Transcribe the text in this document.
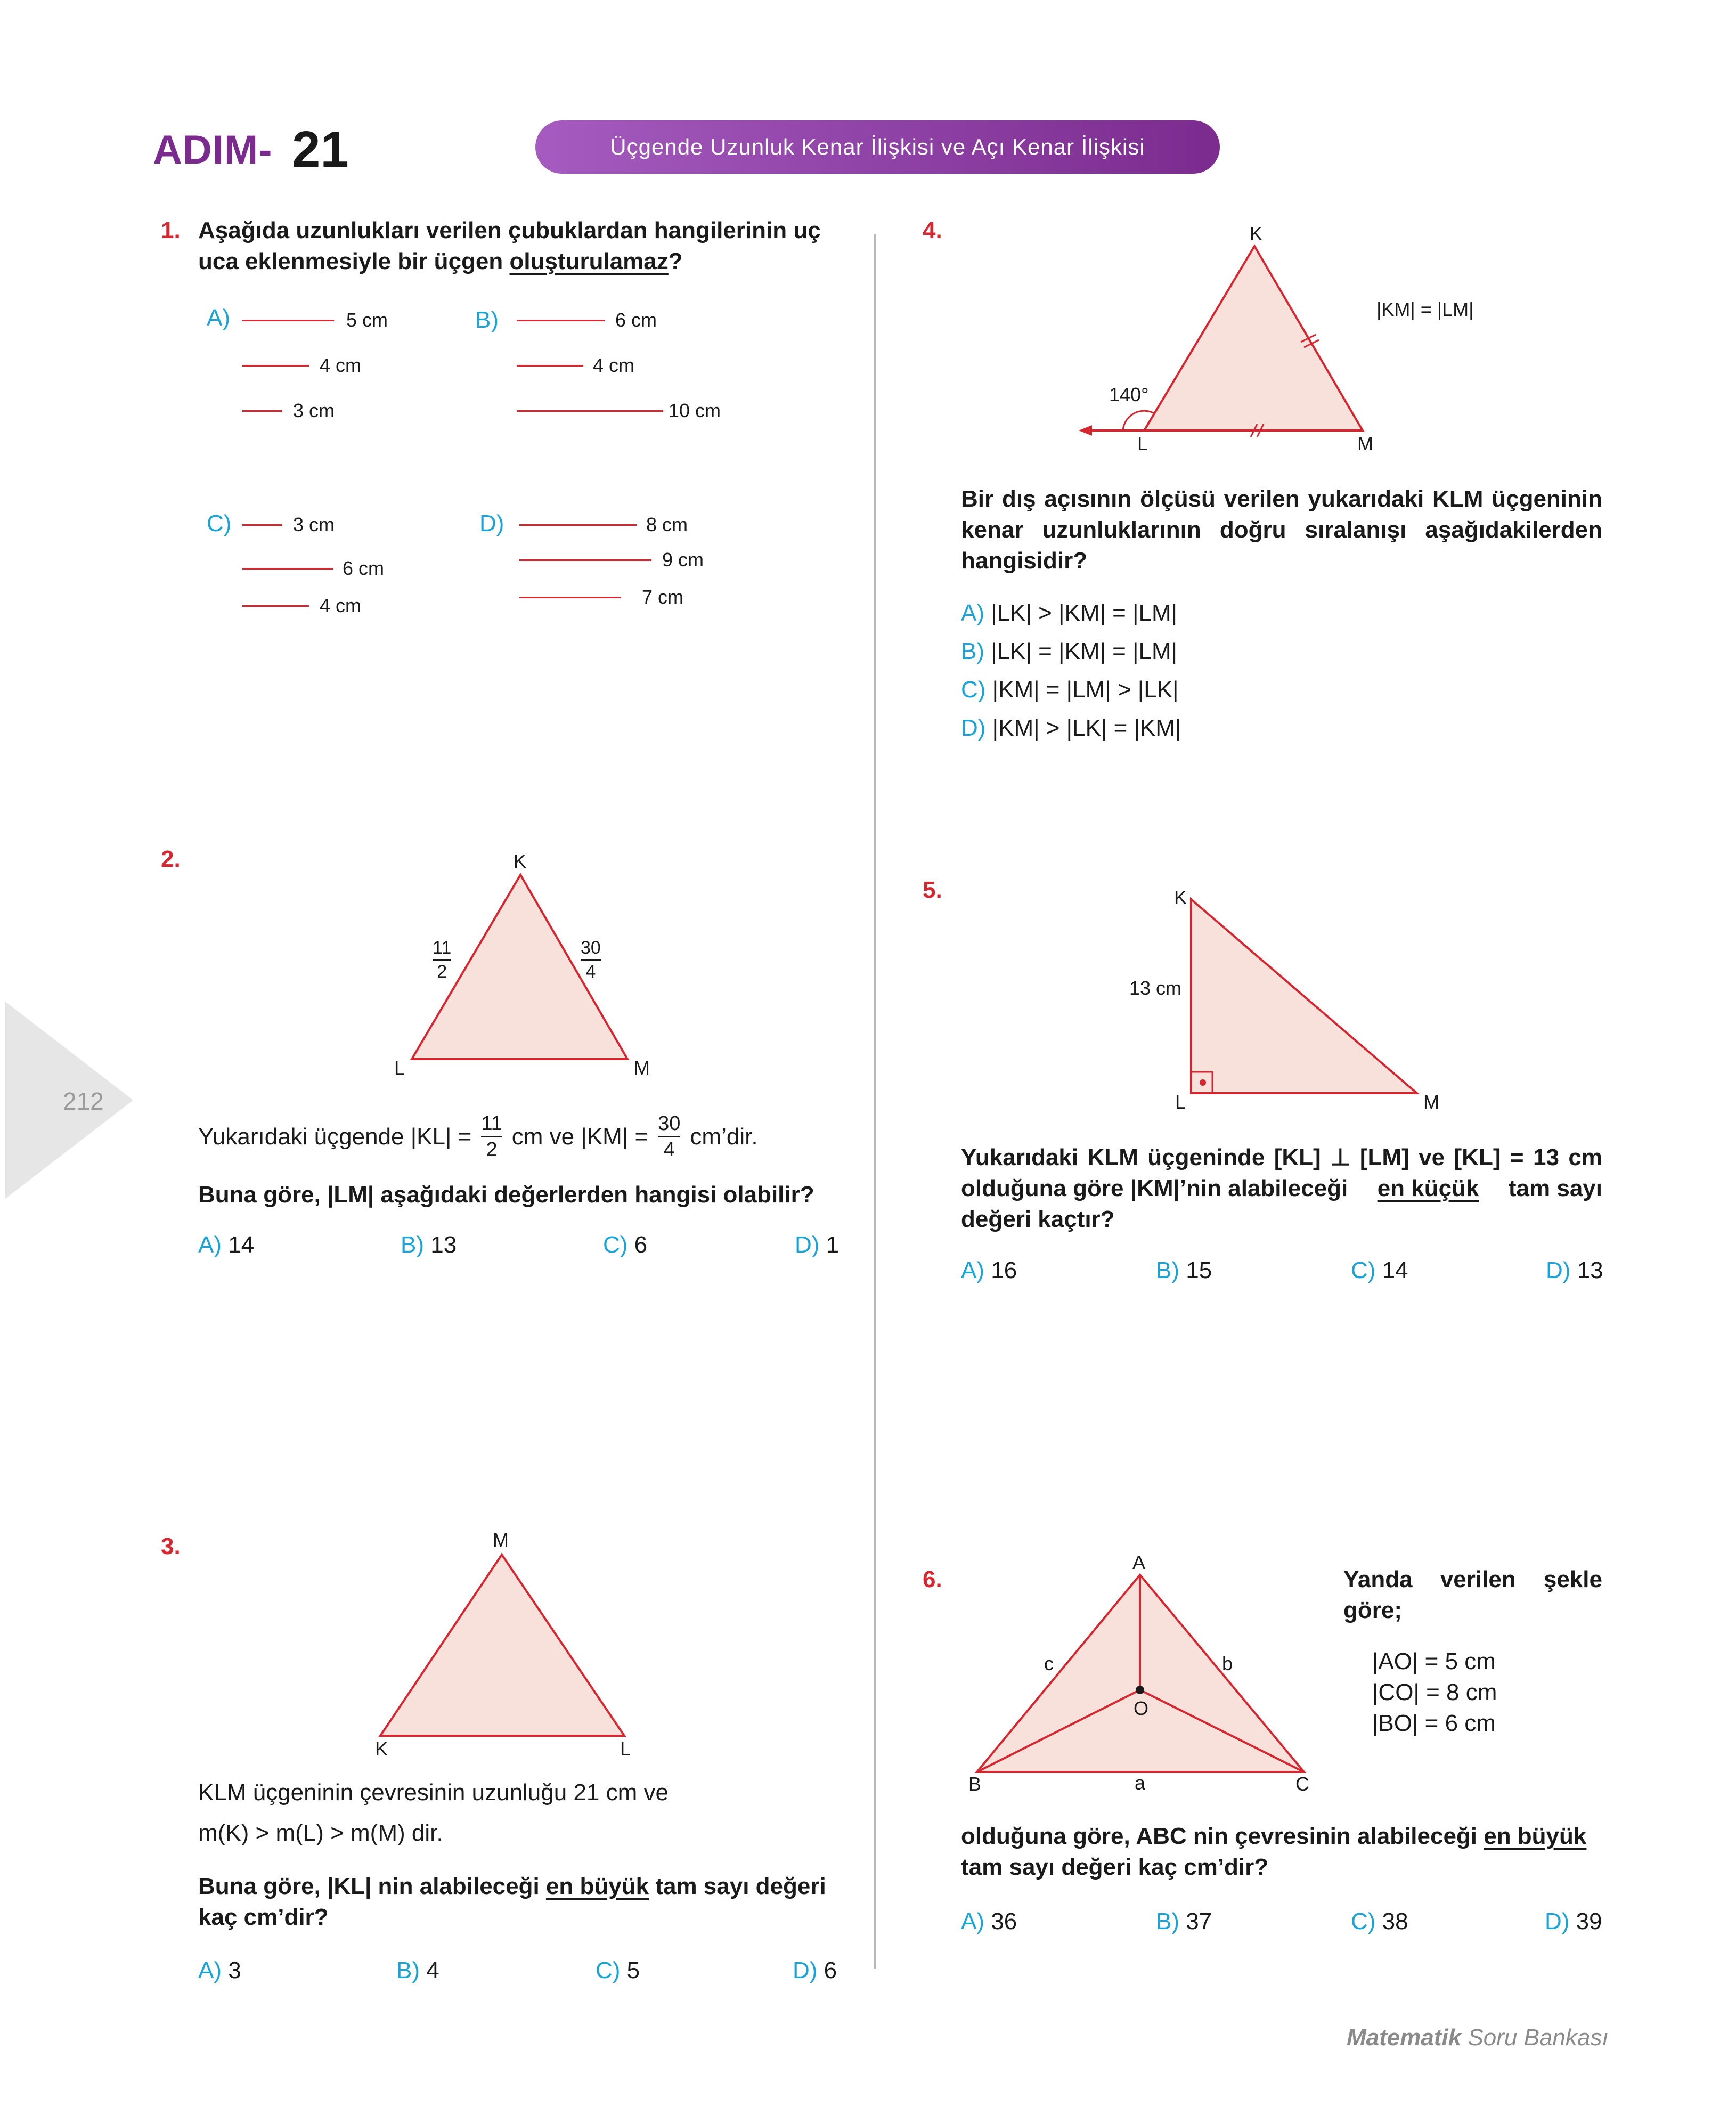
ADIM- 21	Üçgende Uzunluk Kenar İlişkisi ve Açı Kenar İlişkisi
212
1. Aşağıda uzunlukları verilen çubuklardan hangilerinin uç
uca eklenmesiyle bir üçgen oluşturulamaz?
A)	5 cm
4 cm
3 cm
B)	6 cm
4 cm
10 cm
C)	3 cm
6 cm
4 cm
D)	8 cm
9 cm
7 cm
2.	K
L	M
11
2
30
4
Yukarıdaki üçgende $|KL| = \frac{11}{2}$ cm ve $|KM| = \frac{30}{4}$ cm’dir.
Buna göre, |LM| aşağıdaki değerlerden hangisi olabilir?
A) 14	B) 13	C) 6	D) 1
3.	M
K	L
KLM üçgeninin çevresinin uzunluğu 21 cm ve
m(K) > m(L) > m(M) dir.
Buna göre, |KL| nin alabileceği en büyük tam sayı değeri
kaç cm’dir?
A) 3	B) 4	C) 5	D) 6
4.	K
L	M
140°
|KM| = |LM|
Bir dış açısının ölçüsü verilen yukarıdaki KLM üçgeninin kenar uzunluklarının doğru sıralanışı aşağıdakilerden hangisidir?
A) |LK| > |KM| = |LM|
B) |LK| = |KM| = |LM|
C) |KM| = |LM| > |LK|
D) |KM| > |LK| = |KM|
5.	K
L	M
13 cm
Yukarıdaki KLM üçgeninde [KL] ⊥ [LM] ve [KL] = 13 cm
olduğuna göre |KM|’nin alabileceği en küçük tam sayı
değeri kaçtır?
A) 16	B) 15	C) 14	D) 13
6.
A
B	C
O
c	b
a
Yanda verilen şekle göre;
|AO| = 5 cm
|CO| = 8 cm
|BO| = 6 cm
olduğuna göre, ABC nin çevresinin alabileceği en büyük
tam sayı değeri kaç cm’dir?
A) 36	B) 37	C) 38	D) 39
Matematik Soru Bankası
